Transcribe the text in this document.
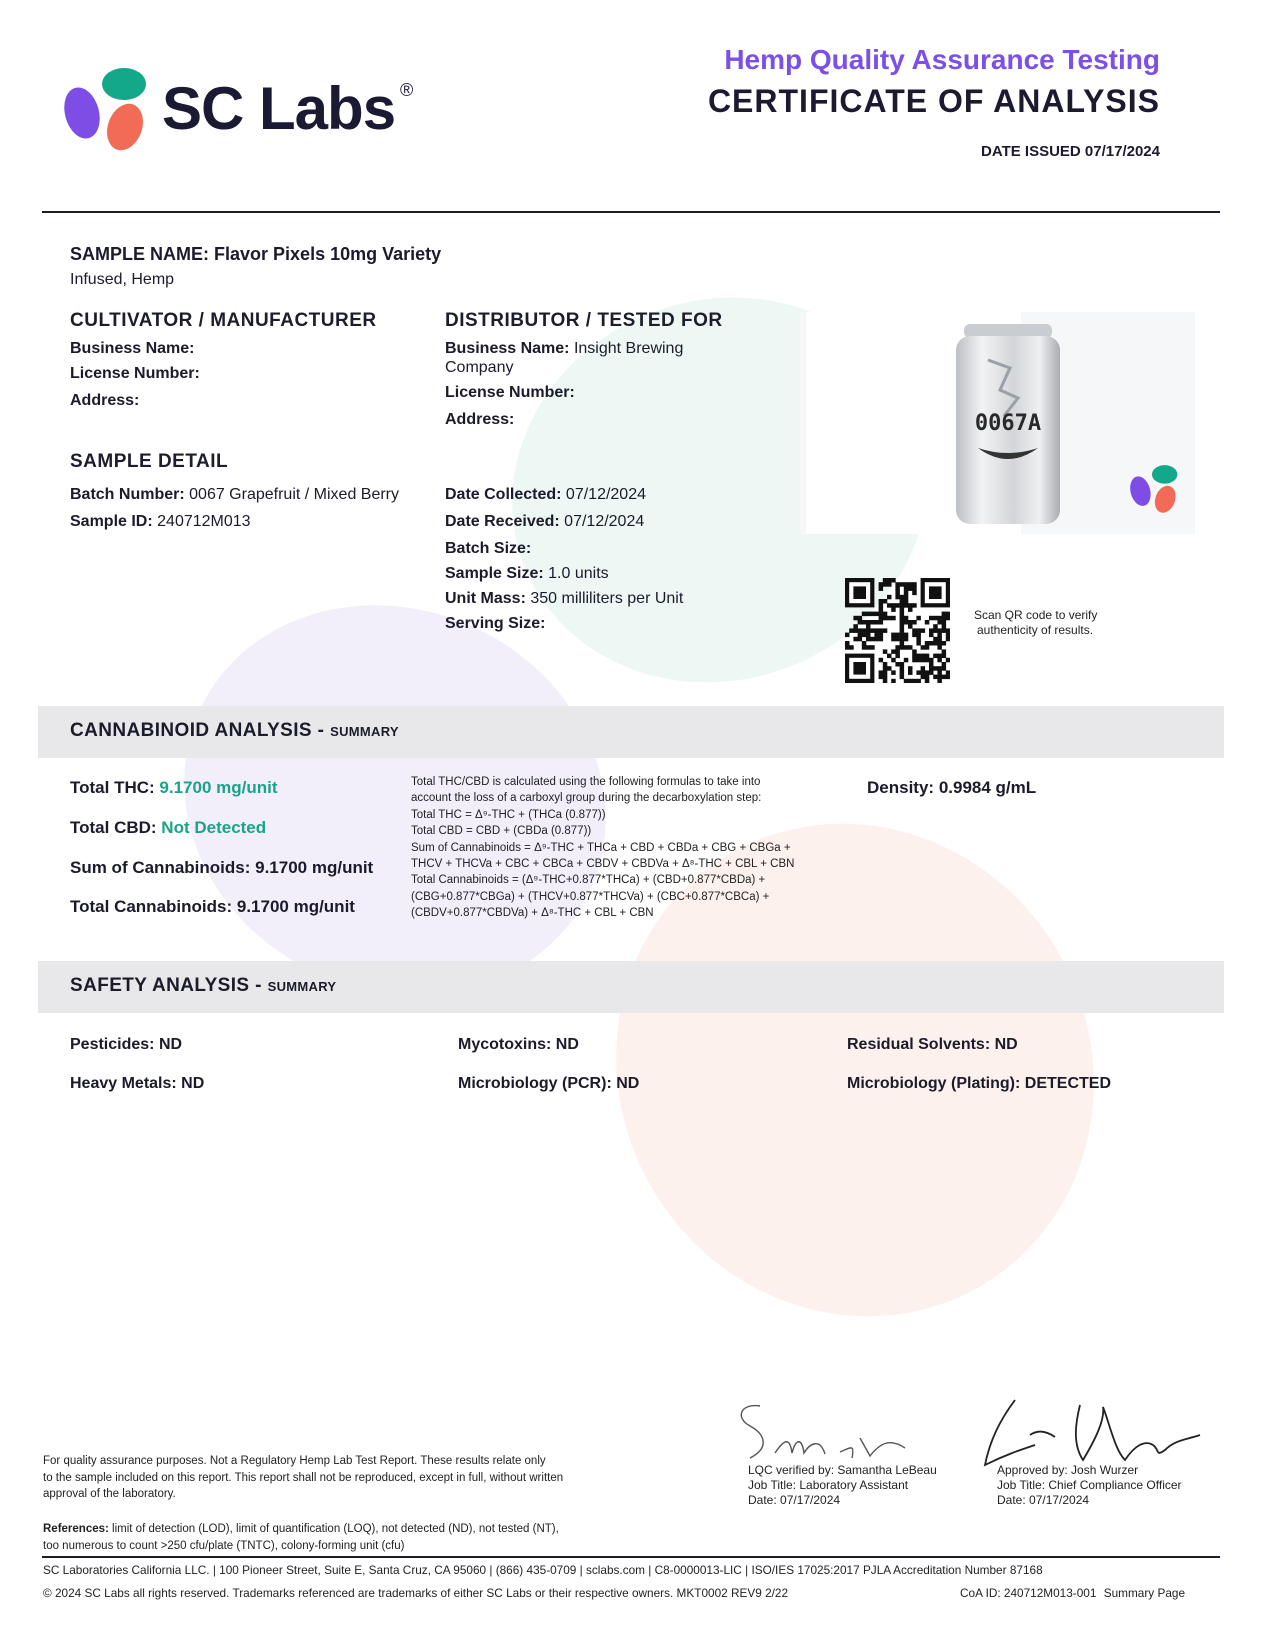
SC Labs ®
Hemp Quality Assurance Testing
CERTIFICATE OF ANALYSIS
DATE ISSUED 07/17/2024
SAMPLE NAME: Flavor Pixels 10mg Variety
Infused, Hemp
CULTIVATOR / MANUFACTURER
Business Name:
License Number:
Address:
DISTRIBUTOR / TESTED FOR
Business Name: Insight Brewing
Company
License Number:
Address:	0067A
SAMPLE DETAIL
Batch Number: 0067 Grapefruit / Mixed Berry
Sample ID: 240712M013
Date Collected: 07/12/2024
Date Received: 07/12/2024
Batch Size:
Sample Size: 1.0 units
Unit Mass: 350 milliliters per Unit
Serving Size:	Scan QR code to verify
authenticity of results.
CANNABINOID ANALYSIS - SUMMARY
Total THC: 9.1700 mg/unit
Total CBD: Not Detected
Sum of Cannabinoids: 9.1700 mg/unit
Total Cannabinoids: 9.1700 mg/unit
Total THC/CBD is calculated using the following formulas to take into
account the loss of a carboxyl group during the decarboxylation step:
Total THC = Δ⁹-THC + (THCa (0.877))
Total CBD = CBD + (CBDa (0.877))
Sum of Cannabinoids = Δ⁹-THC + THCa + CBD + CBDa + CBG + CBGa +
THCV + THCVa + CBC + CBCa + CBDV + CBDVa + Δ⁸-THC + CBL + CBN
Total Cannabinoids = (Δ⁹-THC+0.877*THCa) + (CBD+0.877*CBDa) +
(CBG+0.877*CBGa) + (THCV+0.877*THCVa) + (CBC+0.877*CBCa) +
(CBDV+0.877*CBDVa) + Δ⁸-THC + CBL + CBN
Density: 0.9984 g/mL
SAFETY ANALYSIS - SUMMARY
Pesticides: ND	Mycotoxins: ND	Residual Solvents: ND
Heavy Metals: ND	Microbiology (PCR): ND	Microbiology (Plating): DETECTED
For quality assurance purposes. Not a Regulatory Hemp Lab Test Report. These results relate only
to the sample included on this report. This report shall not be reproduced, except in full, without written
approval of the laboratory.
References: limit of detection (LOD), limit of quantification (LOQ), not detected (ND), not tested (NT),
too numerous to count >250 cfu/plate (TNTC), colony-forming unit (cfu)
LQC verified by: Samantha LeBeau
Job Title: Laboratory Assistant
Date: 07/17/2024
Approved by: Josh Wurzer
Job Title: Chief Compliance Officer
Date: 07/17/2024
SC Laboratories California LLC. | 100 Pioneer Street, Suite E, Santa Cruz, CA 95060 | (866) 435-0709 | sclabs.com | C8-0000013-LIC | ISO/IES 17025:2017 PJLA Accreditation Number 87168
© 2024 SC Labs all rights reserved. Trademarks referenced are trademarks of either SC Labs or their respective owners. MKT0002 REV9 2/22	CoA ID: 240712M013-001 Summary Page
